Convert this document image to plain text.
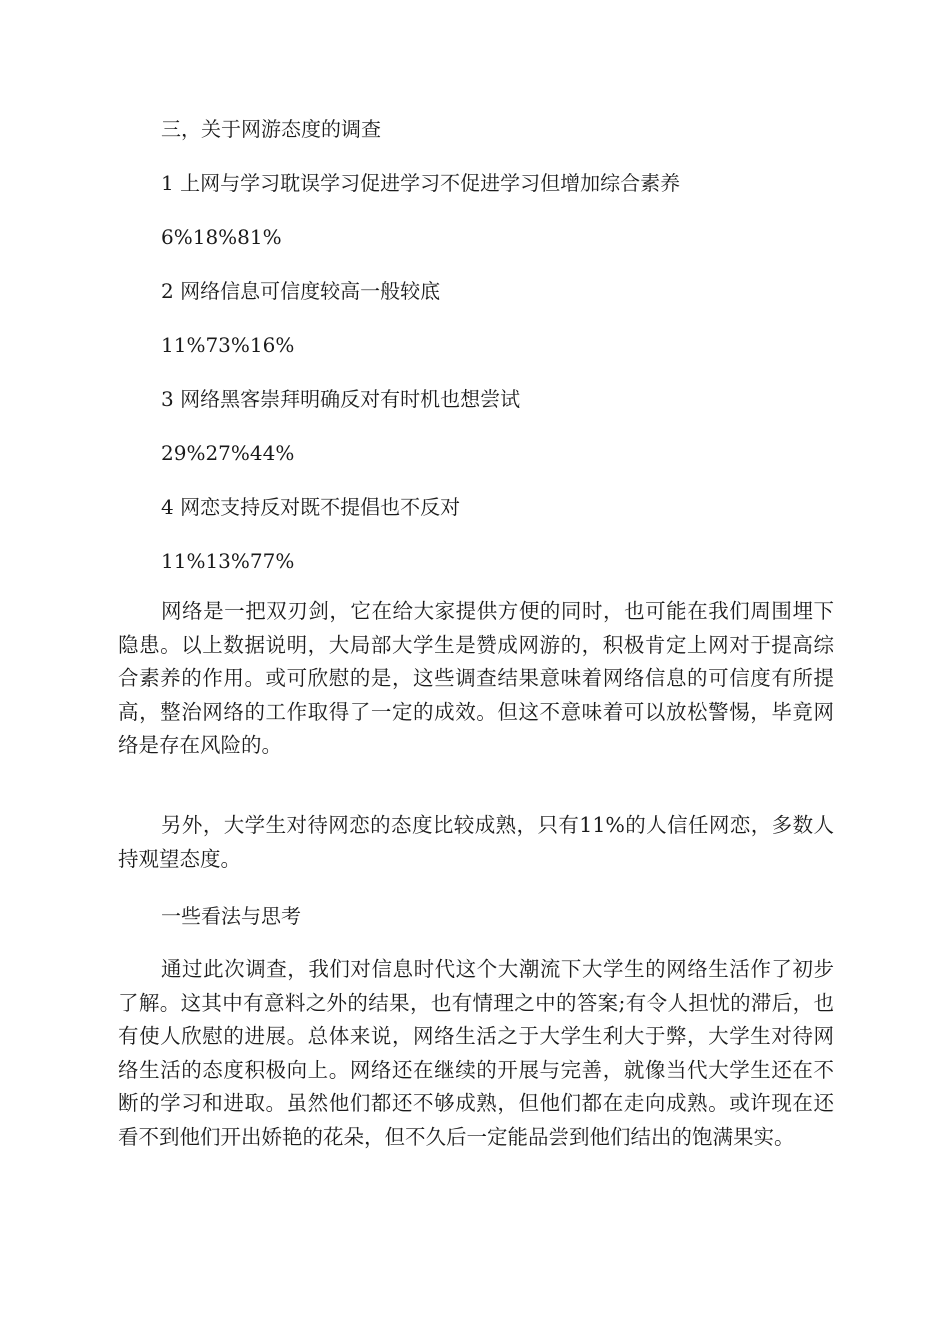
三，关于网游态度的调查

1 上网与学习耽误学习促进学习不促进学习但增加综合素养

6%18%81%

2 网络信息可信度较高一般较底

11%73%16%

3 网络黑客崇拜明确反对有时机也想尝试

29%27%44%

4 网恋支持反对既不提倡也不反对

11%13%77%

网络是一把双刃剑，它在给大家提供方便的同时，也可能在我们周围埋下隐患。以上数据说明，大局部大学生是赞成网游的，积极肯定上网对于提高综合素养的作用。或可欣慰的是，这些调查结果意味着网络信息的可信度有所提高，整治网络的工作取得了一定的成效。但这不意味着可以放松警惕，毕竟网络是存在风险的。

另外，大学生对待网恋的态度比较成熟，只有11%的人信任网恋，多数人持观望态度。

一些看法与思考

通过此次调查，我们对信息时代这个大潮流下大学生的网络生活作了初步了解。这其中有意料之外的结果，也有情理之中的答案;有令人担忧的滞后，也有使人欣慰的进展。总体来说，网络生活之于大学生利大于弊，大学生对待网络生活的态度积极向上。网络还在继续的开展与完善，就像当代大学生还在不断的学习和进取。虽然他们都还不够成熟，但他们都在走向成熟。或许现在还看不到他们开出娇艳的花朵，但不久后一定能品尝到他们结出的饱满果实。
